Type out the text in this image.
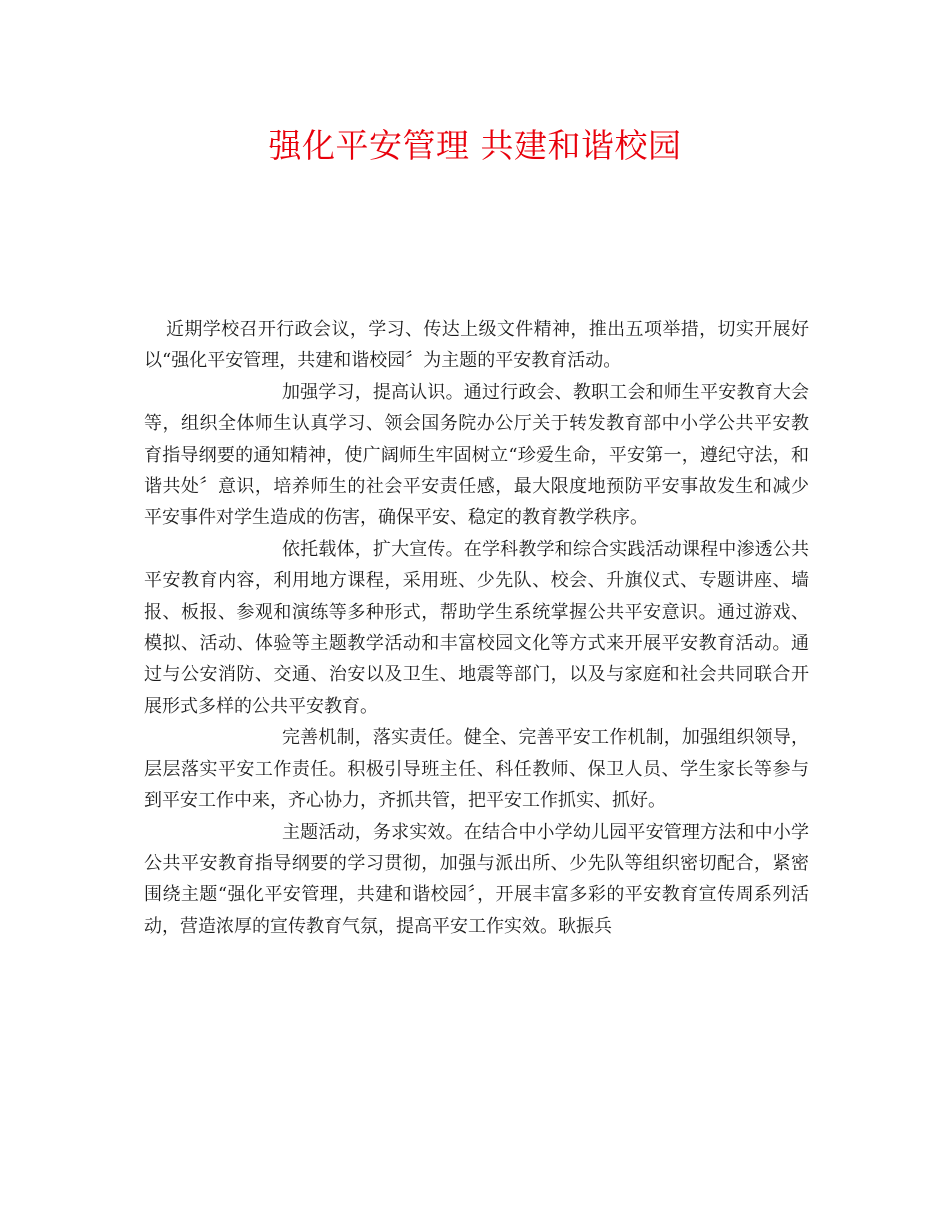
强化平安管理 共建和谐校园

近期学校召开行政会议，学习、传达上级文件精神，推出五项举措，切实开展好以“强化平安管理，共建和谐校园〞为主题的平安教育活动。

加强学习，提高认识。通过行政会、教职工会和师生平安教育大会等，组织全体师生认真学习、领会国务院办公厅关于转发教育部中小学公共平安教育指导纲要的通知精神，使广阔师生牢固树立“珍爱生命，平安第一，遵纪守法，和谐共处〞意识，培养师生的社会平安责任感，最大限度地预防平安事故发生和减少平安事件对学生造成的伤害，确保平安、稳定的教育教学秩序。

依托载体，扩大宣传。在学科教学和综合实践活动课程中渗透公共平安教育内容，利用地方课程，采用班、少先队、校会、升旗仪式、专题讲座、墙报、板报、参观和演练等多种形式，帮助学生系统掌握公共平安意识。通过游戏、模拟、活动、体验等主题教学活动和丰富校园文化等方式来开展平安教育活动。通过与公安消防、交通、治安以及卫生、地震等部门，以及与家庭和社会共同联合开展形式多样的公共平安教育。

完善机制，落实责任。健全、完善平安工作机制，加强组织领导，层层落实平安工作责任。积极引导班主任、科任教师、保卫人员、学生家长等参与到平安工作中来，齐心协力，齐抓共管，把平安工作抓实、抓好。

主题活动，务求实效。在结合中小学幼儿园平安管理方法和中小学公共平安教育指导纲要的学习贯彻，加强与派出所、少先队等组织密切配合，紧密围绕主题“强化平安管理，共建和谐校园〞，开展丰富多彩的平安教育宣传周系列活动，营造浓厚的宣传教育气氛，提高平安工作实效。耿振兵
